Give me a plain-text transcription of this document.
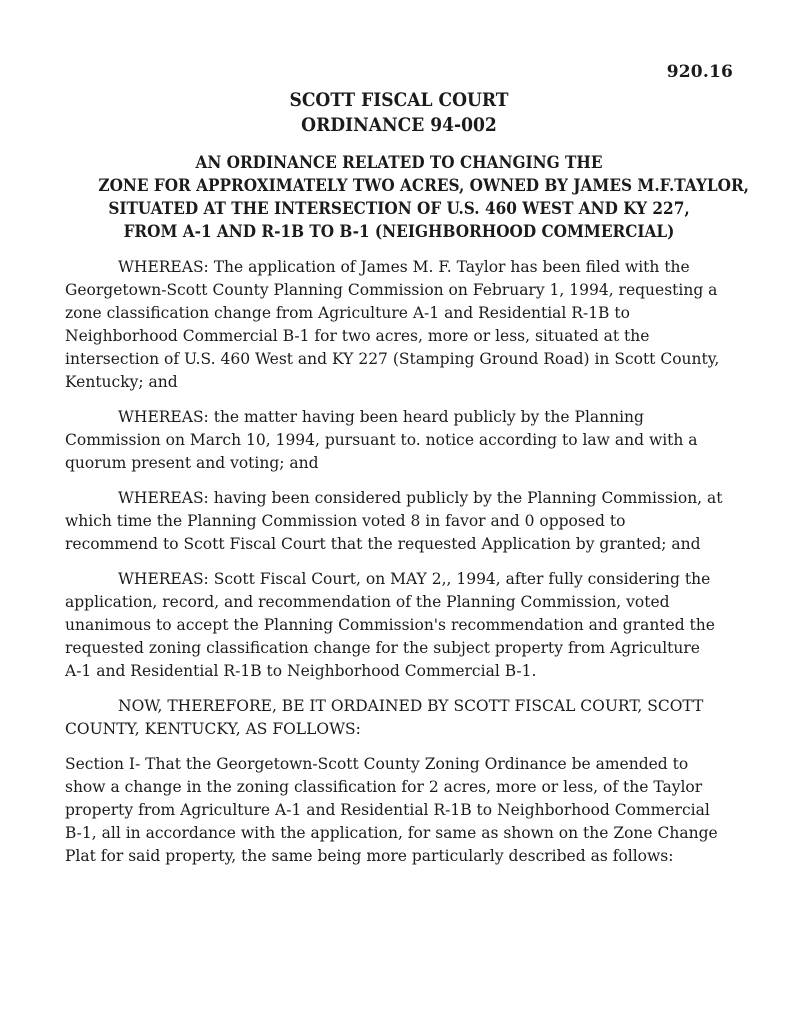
920.16
SCOTT FISCAL COURT
ORDINANCE 94-002
AN ORDINANCE RELATED TO CHANGING THE
ZONE FOR APPROXIMATELY TWO ACRES, OWNED BY JAMES M.F.TAYLOR,
SITUATED AT THE INTERSECTION OF U.S. 460 WEST AND KY 227,
FROM A-1 AND R-1B TO B-1 (NEIGHBORHOOD COMMERCIAL)
WHEREAS: The application of James M. F. Taylor has been filed with the
Georgetown-Scott County Planning Commission on February 1, 1994, requesting a
zone classification change from Agriculture A-1 and Residential R-1B to
Neighborhood Commercial B-1 for two acres, more or less, situated at the
intersection of U.S. 460 West and KY 227 (Stamping Ground Road) in Scott County,
Kentucky; and
WHEREAS: the matter having been heard publicly by the Planning
Commission on March 10, 1994, pursuant to. notice according to law and with a
quorum present and voting; and
WHEREAS: having been considered publicly by the Planning Commission, at
which time the Planning Commission voted 8 in favor and 0 opposed to
recommend to Scott Fiscal Court that the requested Application by granted; and
WHEREAS: Scott Fiscal Court, on MAY 2,, 1994, after fully considering the
application, record, and recommendation of the Planning Commission, voted
unanimous to accept the Planning Commission's recommendation and granted the
requested zoning classification change for the subject property from Agriculture
A-1 and Residential R-1B to Neighborhood Commercial B-1.
NOW, THEREFORE, BE IT ORDAINED BY SCOTT FISCAL COURT, SCOTT
COUNTY, KENTUCKY, AS FOLLOWS:
Section I- That the Georgetown-Scott County Zoning Ordinance be amended to
show a change in the zoning classification for 2 acres, more or less, of the Taylor
property from Agriculture A-1 and Residential R-1B to Neighborhood Commercial
B-1, all in accordance with the application, for same as shown on the Zone Change
Plat for said property, the same being more particularly described as follows:
